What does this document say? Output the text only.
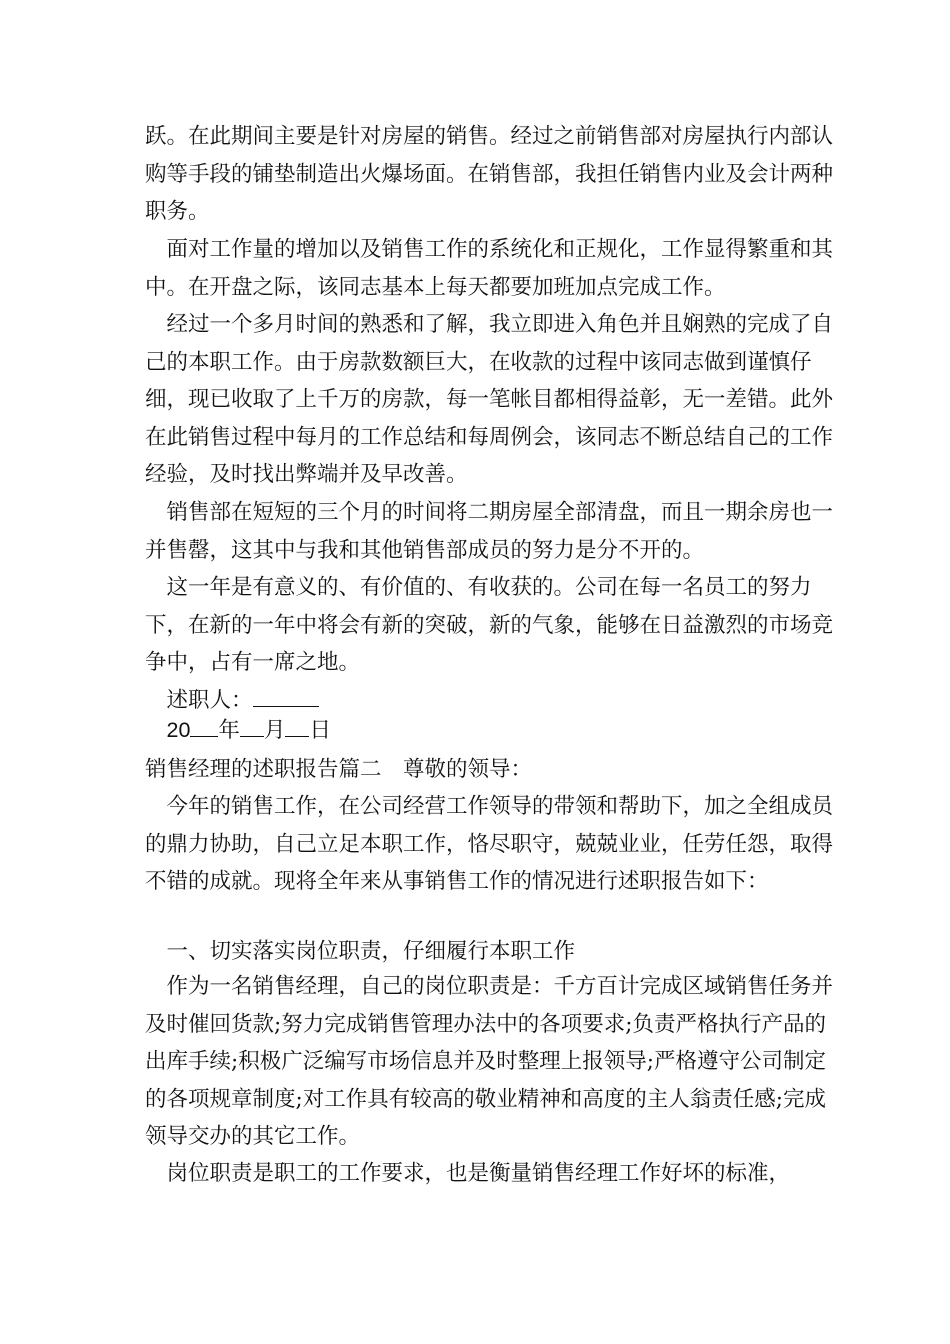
跃。在此期间主要是针对房屋的销售。经过之前销售部对房屋执行内部认购等手段的铺垫制造出火爆场面。在销售部，我担任销售内业及会计两种职务。

　面对工作量的增加以及销售工作的系统化和正规化，工作显得繁重和其中。在开盘之际，该同志基本上每天都要加班加点完成工作。

　经过一个多月时间的熟悉和了解，我立即进入角色并且娴熟的完成了自己的本职工作。由于房款数额巨大，在收款的过程中该同志做到谨慎仔细，现已收取了上千万的房款，每一笔帐目都相得益彰，无一差错。此外在此销售过程中每月的工作总结和每周例会，该同志不断总结自己的工作经验，及时找出弊端并及早改善。

　销售部在短短的三个月的时间将二期房屋全部清盘，而且一期余房也一并售罄，这其中与我和其他销售部成员的努力是分不开的。

　这一年是有意义的、有价值的、有收获的。公司在每一名员工的努力下，在新的一年中将会有新的突破，新的气象，能够在日益激烈的市场竞争中，占有一席之地。

　述职人：

　20 年 月 日

销售经理的述职报告篇二　尊敬的领导：

　今年的销售工作，在公司经营工作领导的带领和帮助下，加之全组成员的鼎力协助，自己立足本职工作，恪尽职守，兢兢业业，任劳任怨，取得不错的成就。现将全年来从事销售工作的情况进行述职报告如下：

　一、切实落实岗位职责，仔细履行本职工作

　作为一名销售经理，自己的岗位职责是：千方百计完成区域销售任务并及时催回货款;努力完成销售管理办法中的各项要求;负责严格执行产品的出库手续;积极广泛编写市场信息并及时整理上报领导;严格遵守公司制定的各项规章制度;对工作具有较高的敬业精神和高度的主人翁责任感;完成领导交办的其它工作。

　岗位职责是职工的工作要求，也是衡量销售经理工作好坏的标准，
